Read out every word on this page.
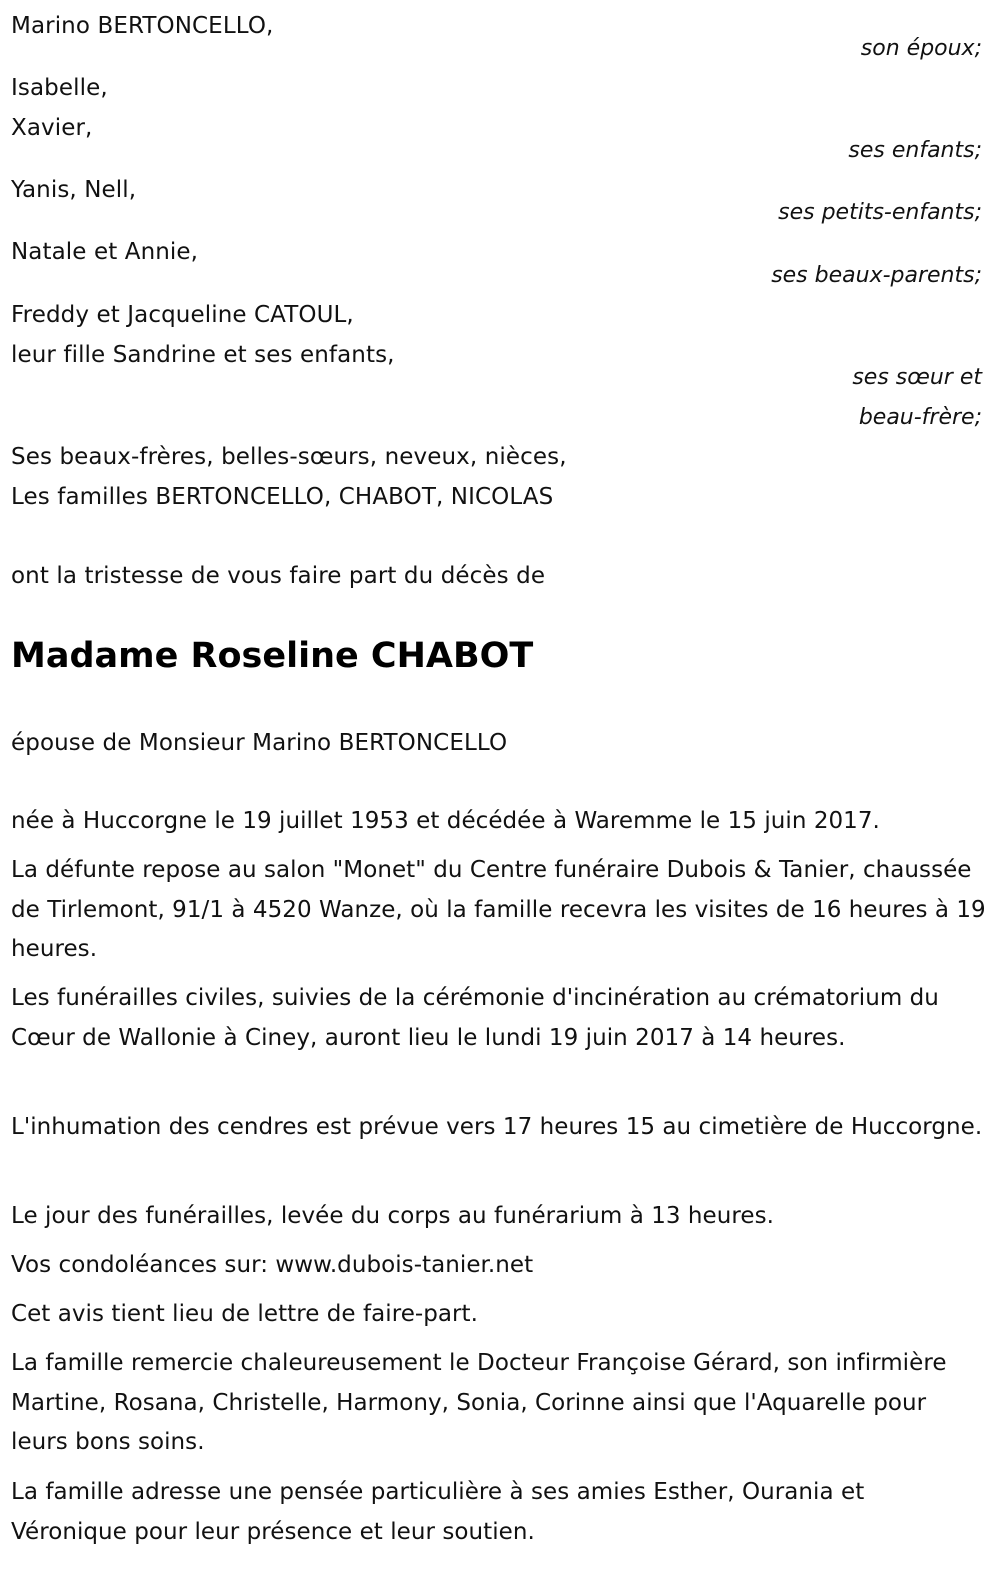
Marino BERTONCELLO,
son époux;
Isabelle,
Xavier,
ses enfants;
Yanis, Nell,
ses petits-enfants;
Natale et Annie,
ses beaux-parents;
Freddy et Jacqueline CATOUL,
leur fille Sandrine et ses enfants,
ses sœur et
beau-frère;
Ses beaux-frères, belles-sœurs, neveux, nièces,
Les familles BERTONCELLO, CHABOT, NICOLAS
ont la tristesse de vous faire part du décès de
Madame Roseline CHABOT
épouse de Monsieur Marino BERTONCELLO
née à Huccorgne le 19 juillet 1953 et décédée à Waremme le 15 juin 2017.
La défunte repose au salon "Monet" du Centre funéraire Dubois & Tanier, chaussée de Tirlemont, 91/1 à 4520 Wanze, où la famille recevra les visites de 16 heures à 19 heures.
Les funérailles civiles, suivies de la cérémonie d'incinération au crématorium du Cœur de Wallonie à Ciney, auront lieu le lundi 19 juin 2017 à 14 heures.
L'inhumation des cendres est prévue vers 17 heures 15 au cimetière de Huccorgne.
Le jour des funérailles, levée du corps au funérarium à 13 heures.
Vos condoléances sur: www.dubois-tanier.net
Cet avis tient lieu de lettre de faire-part.
La famille remercie chaleureusement le Docteur Françoise Gérard, son infirmière Martine, Rosana, Christelle, Harmony, Sonia, Corinne ainsi que l'Aquarelle pour leurs bons soins.
La famille adresse une pensée particulière à ses amies Esther, Ourania et Véronique pour leur présence et leur soutien.
